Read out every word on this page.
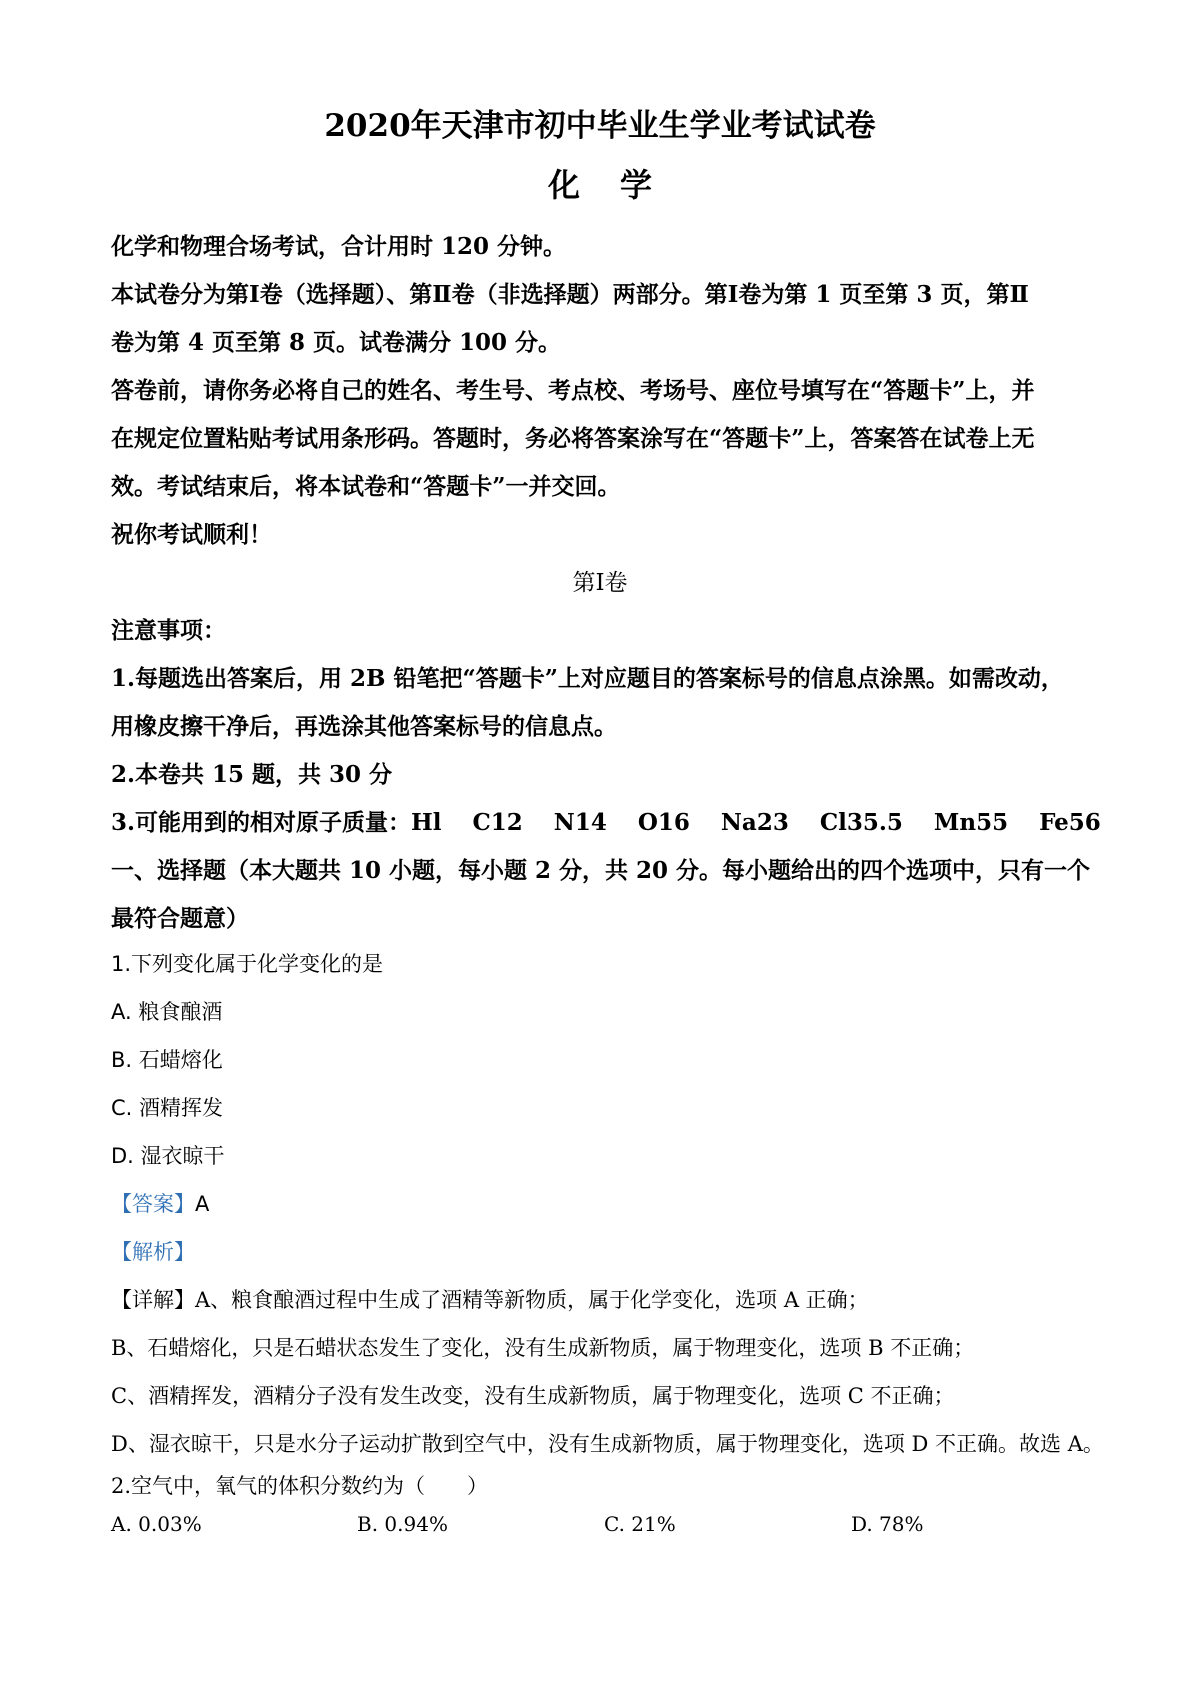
2020年天津市初中毕业生学业考试试卷
化学
化学和物理合场考试，合计用时 120 分钟。
本试卷分为第Ⅰ卷（选择题）、第Ⅱ卷（非选择题）两部分。第Ⅰ卷为第 1 页至第 3 页，第Ⅱ
卷为第 4 页至第 8 页。试卷满分 100 分。
答卷前，请你务必将自己的姓名、考生号、考点校、考场号、座位号填写在“答题卡”上，并
在规定位置粘贴考试用条形码。答题时，务必将答案涂写在“答题卡”上，答案答在试卷上无
效。考试结束后，将本试卷和“答题卡”一并交回。
祝你考试顺利！
第Ⅰ卷
注意事项：
1.每题选出答案后，用 2B 铅笔把“答题卡”上对应题目的答案标号的信息点涂黑。如需改动，
用橡皮擦干净后，再选涂其他答案标号的信息点。
2.本卷共 15 题，共 30 分
3.可能用到的相对原子质量：Hl　 C12　 N14　 O16　 Na23　 Cl35.5　 Mn55　 Fe56
一、选择题（本大题共 10 小题，每小题 2 分，共 20 分。每小题给出的四个选项中，只有一个
最符合题意）
1.下列变化属于化学变化的是
A. 粮食酿酒
B. 石蜡熔化
C. 酒精挥发
D. 湿衣晾干
【答案】A
【解析】
【详解】A、粮食酿酒过程中生成了酒精等新物质，属于化学变化，选项 A 正确；
B、石蜡熔化，只是石蜡状态发生了变化，没有生成新物质，属于物理变化，选项 B 不正确；
C、酒精挥发，酒精分子没有发生改变，没有生成新物质，属于物理变化，选项 C 不正确；
D、湿衣晾干，只是水分子运动扩散到空气中，没有生成新物质，属于物理变化，选项 D 不正确。故选 A。
2.空气中，氧气的体积分数约为（　　）
A. 0.03%	B. 0.94%	C. 21%	D. 78%
